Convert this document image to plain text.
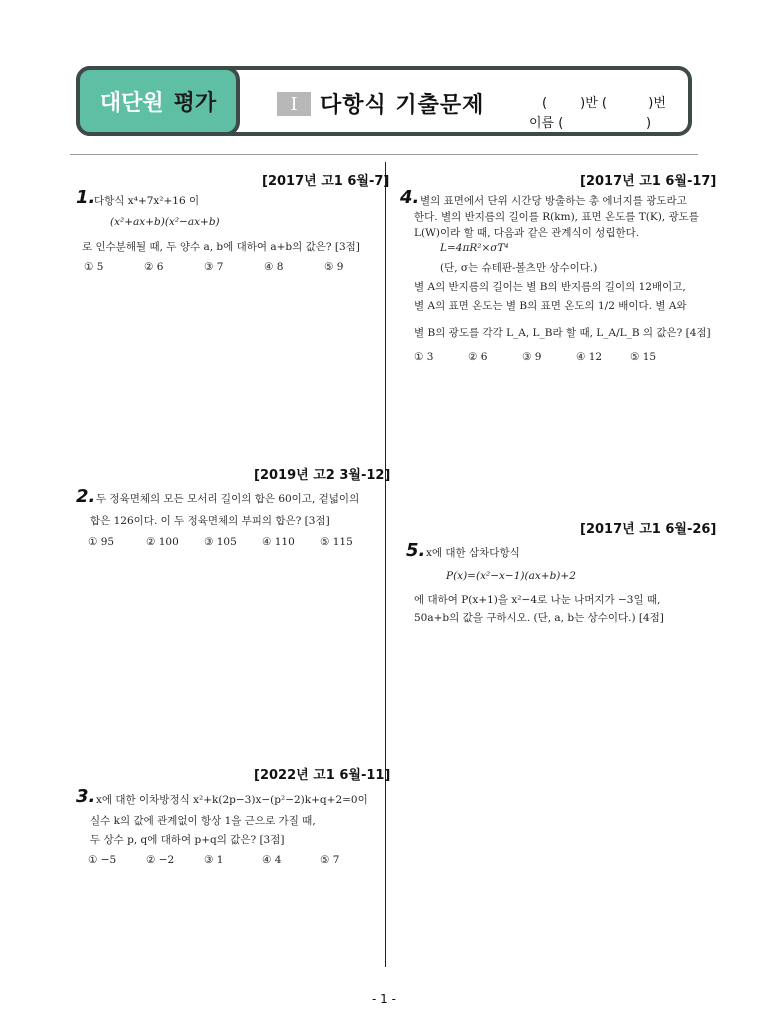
대단원 평가	Ⅰ	다항식 기출문제	(        )반 (          )번
이름 (                    )
[2017년 고1 6월-7]
1.
다항식 x⁴+7x²+16 이
(x²+ax+b)(x²−ax+b)
로 인수분해될 때, 두 양수 a, b에 대하여 a+b의 값은? [3점]
① 5	② 6	③ 7	④ 8	⑤ 9
[2019년 고2 3월-12]
2. 두 정육면체의 모든 모서리 길이의 합은 60이고, 겉넓이의
합은 126이다. 이 두 정육면체의 부피의 합은? [3점]
① 95	② 100	③ 105	④ 110	⑤ 115
[2022년 고1 6월-11]
3. x에 대한 이차방정식 x²+k(2p−3)x−(p²−2)k+q+2=0이
실수 k의 값에 관계없이 항상 1을 근으로 가질 때,
두 상수 p, q에 대하여 p+q의 값은? [3점]
① −5	② −2	③ 1	④ 4	⑤ 7
[2017년 고1 6월-17]
4. 별의 표면에서 단위 시간당 방출하는 총 에너지를 광도라고
한다. 별의 반지름의 길이를 R(km), 표면 온도를 T(K), 광도를
L(W)이라 할 때, 다음과 같은 관계식이 성립한다.
L=4πR²×σT⁴
(단, σ는 슈테판-볼츠만 상수이다.)
별 A의 반지름의 길이는 별 B의 반지름의 길이의 12배이고,
별 A의 표면 온도는 별 B의 표면 온도의 1/2 배이다. 별 A와
별 B의 광도를 각각 L_A, L_B라 할 때, L_A/L_B 의 값은? [4점]
① 3	② 6	③ 9	④ 12	⑤ 15
[2017년 고1 6월-26]
5. x에 대한 삼차다항식
P(x)=(x²−x−1)(ax+b)+2
에 대하여 P(x+1)을 x²−4로 나눈 나머지가 −3일 때,
50a+b의 값을 구하시오. (단, a, b는 상수이다.) [4점]
- 1 -
